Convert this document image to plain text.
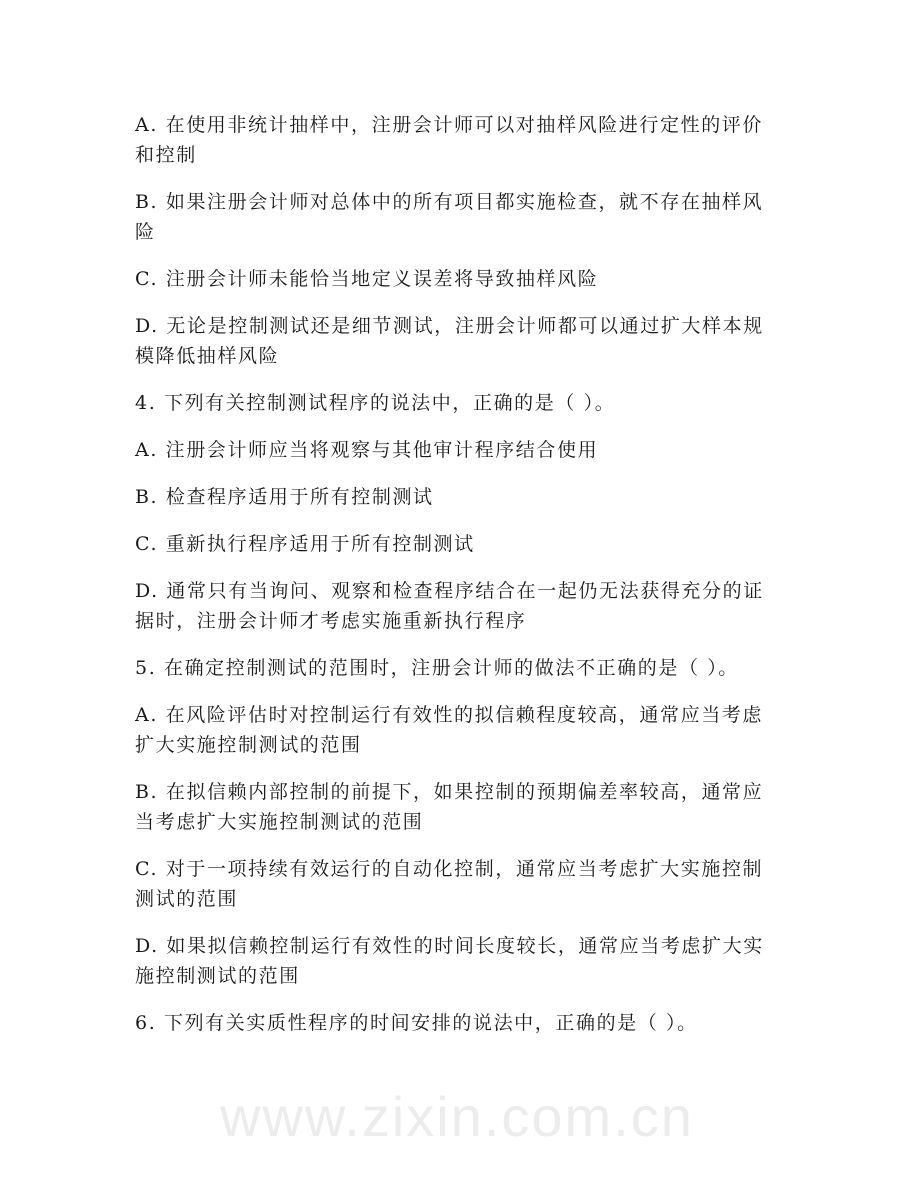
A. 在使用非统计抽样中，注册会计师可以对抽样风险进行定性的评价
和控制

B. 如果注册会计师对总体中的所有项目都实施检查，就不存在抽样风
险

C. 注册会计师未能恰当地定义误差将导致抽样风险

D. 无论是控制测试还是细节测试，注册会计师都可以通过扩大样本规
模降低抽样风险

4. 下列有关控制测试程序的说法中，正确的是（ ）。

A. 注册会计师应当将观察与其他审计程序结合使用

B. 检查程序适用于所有控制测试

C. 重新执行程序适用于所有控制测试

D. 通常只有当询问、观察和检查程序结合在一起仍无法获得充分的证
据时，注册会计师才考虑实施重新执行程序

5. 在确定控制测试的范围时，注册会计师的做法不正确的是（ ）。

A. 在风险评估时对控制运行有效性的拟信赖程度较高，通常应当考虑
扩大实施控制测试的范围

B. 在拟信赖内部控制的前提下，如果控制的预期偏差率较高，通常应
当考虑扩大实施控制测试的范围

C. 对于一项持续有效运行的自动化控制，通常应当考虑扩大实施控制
测试的范围

D. 如果拟信赖控制运行有效性的时间长度较长，通常应当考虑扩大实
施控制测试的范围

6. 下列有关实质性程序的时间安排的说法中，正确的是（ ）。

www.zixin.com.cn
